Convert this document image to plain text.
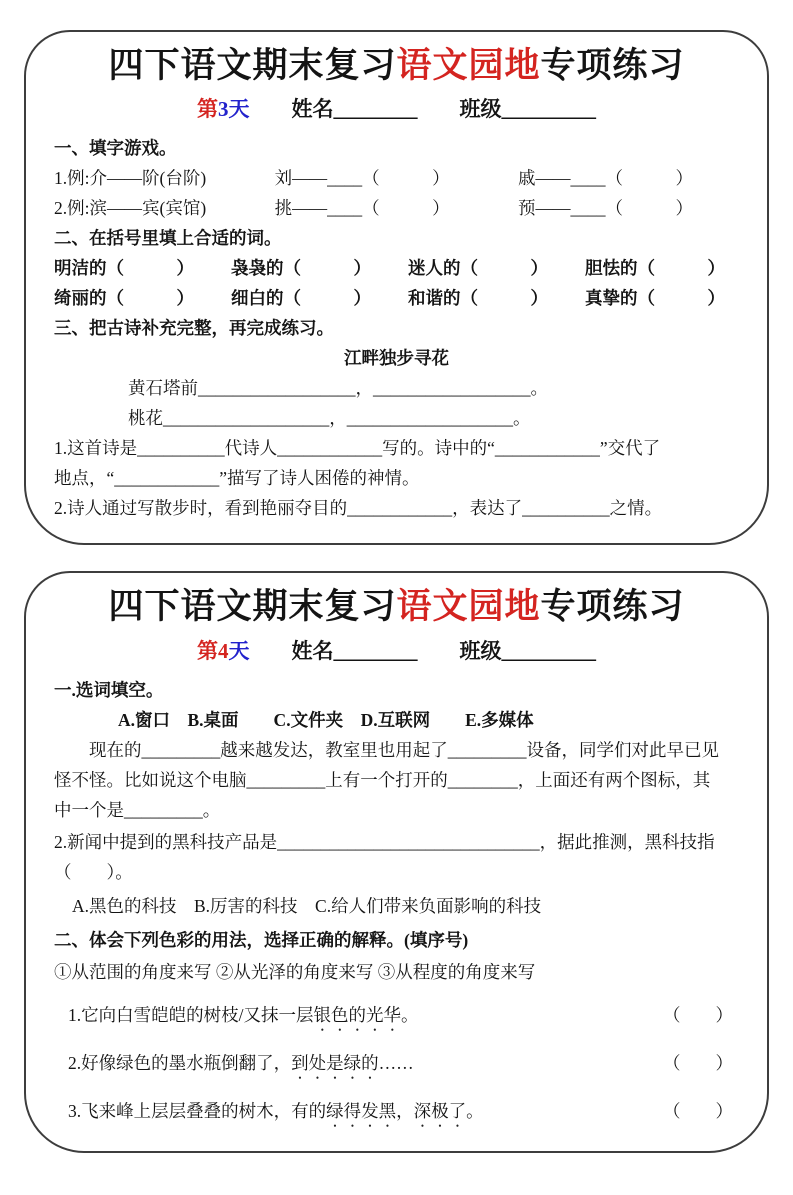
四下语文期末复习语文园地专项练习
第3天 姓名________ 班级_________
一、填字游戏。
1.例:介——阶(台阶)	刘——____（　　　）	戚——____（　　　）
2.例:滨——宾(宾馆)	挑——____（　　　）	预——____（　　　）
二、在括号里填上合适的词。
明洁的（　　　） 袅袅的（　　　） 迷人的（　　　） 胆怯的（　　　）
绮丽的（　　　） 细白的（　　　） 和谐的（　　　） 真挚的（　　　）
三、把古诗补充完整，再完成练习。
江畔独步寻花
黄石塔前__________________，__________________。
桃花___________________，___________________。
1.这首诗是__________代诗人____________写的。诗中的“____________”交代了
地点，“____________”描写了诗人困倦的神情。
2.诗人通过写散步时，看到艳丽夺目的____________，表达了__________之情。
四下语文期末复习语文园地专项练习
第4天 姓名________ 班级_________
一.选词填空。
A.窗口　B.桌面　　C.文件夹　D.互联网　　E.多媒体
现在的_________越来越发达，教室里也用起了_________设备，同学们对此早已见
怪不怪。比如说这个电脑_________上有一个打开的________，上面还有两个图标，其
中一个是_________。
2.新闻中提到的黑科技产品是______________________________，据此推测，黑科技指
（　　）。
A.黑色的科技　B.厉害的科技　C.给人们带来负面影响的科技
二、体会下列色彩的用法，选择正确的解释。(填序号)
①从范围的角度来写 ②从光泽的角度来写 ③从程度的角度来写
1.它向白雪皑皑的树枝/又抹一层银色的光华。	（　　）
2.好像绿色的墨水瓶倒翻了，到处是绿的……	（　　）
3.飞来峰上层层叠叠的树木，有的绿得发黑，深极了。	（　　）
